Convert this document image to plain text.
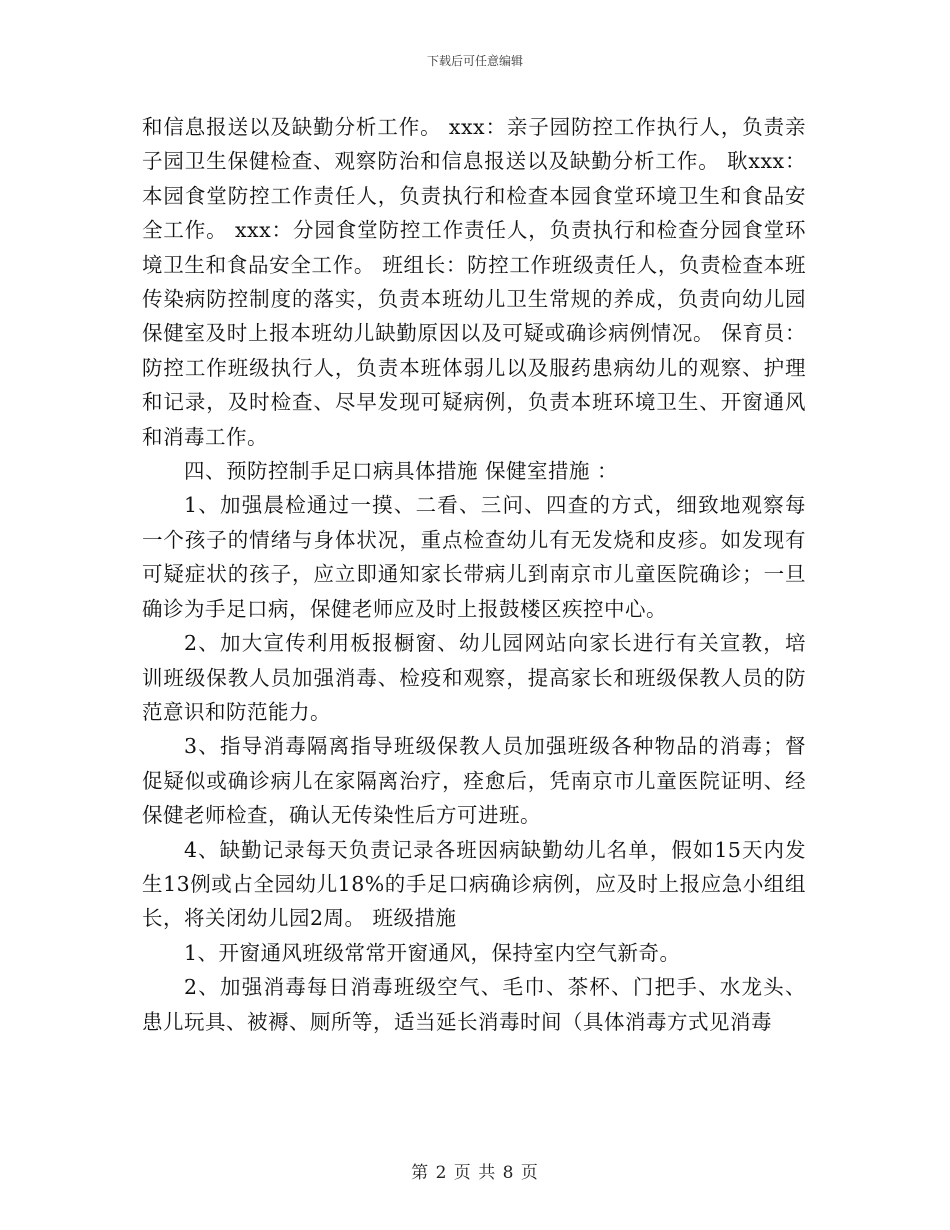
下载后可任意编辑

和信息报送以及缺勤分析工作。 xxx：亲子园防控工作执行人，负责亲子园卫生保健检查、观察防治和信息报送以及缺勤分析工作。 耿xxx：本园食堂防控工作责任人，负责执行和检查本园食堂环境卫生和食品安全工作。 xxx：分园食堂防控工作责任人，负责执行和检查分园食堂环境卫生和食品安全工作。 班组长：防控工作班级责任人，负责检查本班传染病防控制度的落实，负责本班幼儿卫生常规的养成，负责向幼儿园保健室及时上报本班幼儿缺勤原因以及可疑或确诊病例情况。 保育员：防控工作班级执行人，负责本班体弱儿以及服药患病幼儿的观察、护理和记录，及时检查、尽早发现可疑病例，负责本班环境卫生、开窗通风和消毒工作。

四、预防控制手足口病具体措施 保健室措施 ：

1、加强晨检通过一摸、二看、三问、四查的方式，细致地观察每一个孩子的情绪与身体状况，重点检查幼儿有无发烧和皮疹。如发现有可疑症状的孩子，应立即通知家长带病儿到南京市儿童医院确诊；一旦确诊为手足口病，保健老师应及时上报鼓楼区疾控中心。

2、加大宣传利用板报橱窗、幼儿园网站向家长进行有关宣教，培训班级保教人员加强消毒、检疫和观察，提高家长和班级保教人员的防范意识和防范能力。

3、指导消毒隔离指导班级保教人员加强班级各种物品的消毒；督促疑似或确诊病儿在家隔离治疗，痊愈后，凭南京市儿童医院证明、经保健老师检查，确认无传染性后方可进班。

4、缺勤记录每天负责记录各班因病缺勤幼儿名单，假如15天内发生13例或占全园幼儿18%的手足口病确诊病例，应及时上报应急小组组长，将关闭幼儿园2周。 班级措施

1、开窗通风班级常常开窗通风，保持室内空气新奇。

2、加强消毒每日消毒班级空气、毛巾、茶杯、门把手、水龙头、患儿玩具、被褥、厕所等，适当延长消毒时间（具体消毒方式见消毒

第 2 页 共 8 页
